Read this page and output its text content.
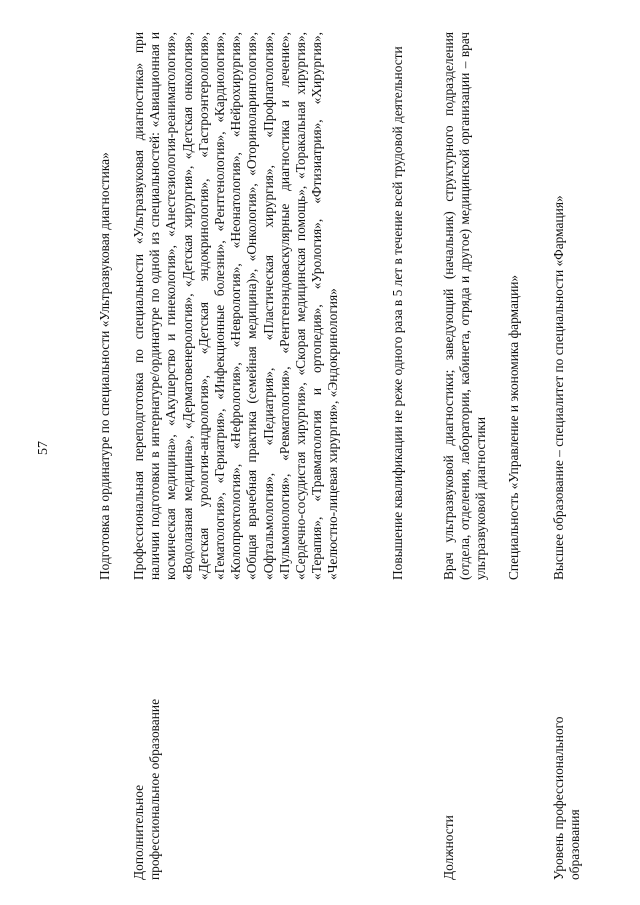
57
Дополнительное профессиональное образование

Подготовка в ординатуре по специальности «Ультразвуковая диагностика» Профессиональная переподготовка по специальности «Ультразвуковая диагностика» при наличии подготовки в интернатуре/ординатуре по одной из специальностей: «Авиационная и космическая медицина», «Акушерство и гинекология», «Анестезиология-реаниматология», «Водолазная медицина», «Дерматовенерология», «Детская хирургия», «Детская онкология», «Детская урология-андрология», «Детская эндокринология», «Гастроэнтерология», «Гематология», «Гериатрия», «Инфекционные болезни», «Рентгенология», «Кардиология», «Колопроктология», «Нефрология», «Неврология», «Неонатология», «Нейрохирургия», «Общая врачебная практика (семейная медицина)», «Онкология», «Оториноларингология», «Офтальмология», «Педиатрия», «Пластическая хирургия», «Профпатология», «Пульмонология», «Ревматология», «Рентгенэндоваскулярные диагностика и лечение», «Сердечно-сосудистая хирургия», «Скорая медицинская помощь», «Торакальная хирургия», «Терапия», «Травматология и ортопедия», «Урология», «Фтизиатрия», «Хирургия», «Челюстно-лицевая хирургия», «Эндокринология»	Повышение квалификации не реже одного раза в 5 лет в течение всей трудовой деятельности

Должности

Врач ультразвуковой диагностики; заведующий (начальник) структурного подразделения (отдела, отделения, лаборатории, кабинета, отряда и другое) медицинской организации – врач ультразвуковой диагностики Специальность «Управление и экономика фармации»

Уровень профессионального образования

Высшее образование – специалитет по специальности «Фармация»
